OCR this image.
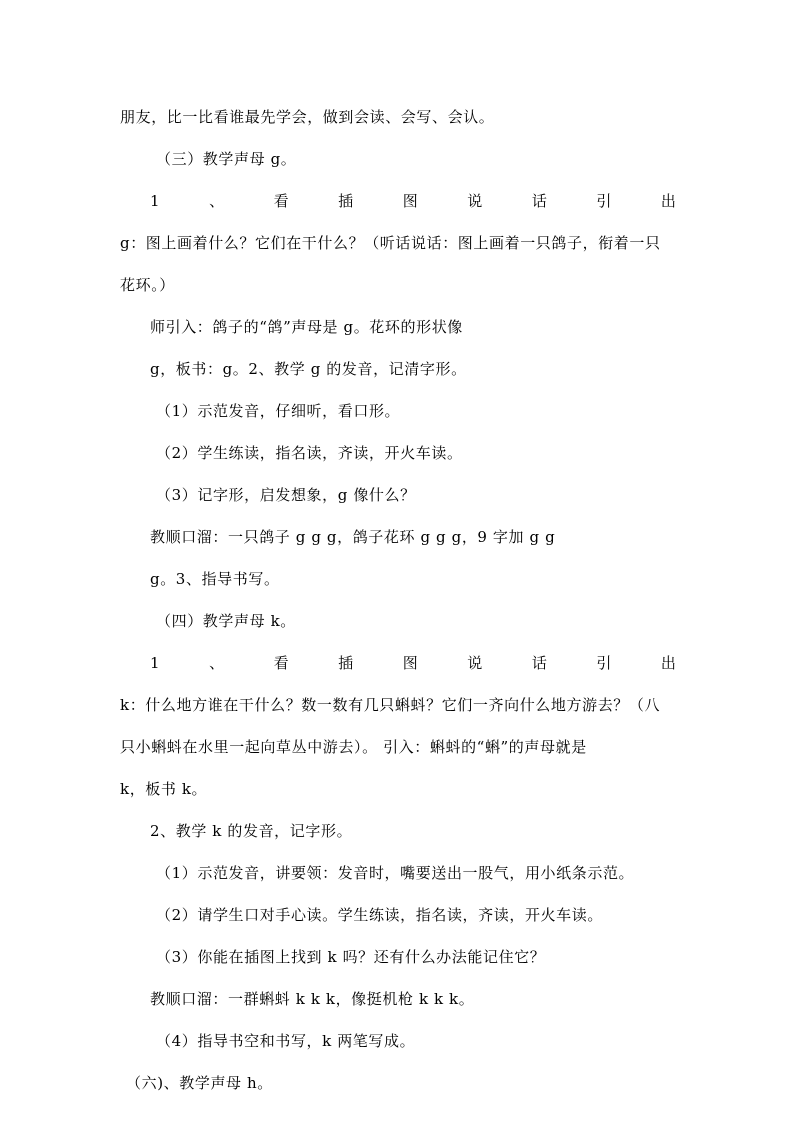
朋友，比一比看谁最先学会，做到会读、会写、会认。
（三）教学声母 g。
1	、	看	插	图	说	话	引	出
g：图上画着什么？它们在干什么？（听话说话：图上画着一只鸽子，衔着一只
花环。）
师引入：鸽子的“鸽”声母是 g。花环的形状像
g，板书：g。2、教学 g 的发音，记清字形。
（1）示范发音，仔细听，看口形。
（2）学生练读，指名读，齐读，开火车读。
（3）记字形，启发想象，g 像什么？
教顺口溜：一只鸽子 g g g，鸽子花环 g g g，9 字加 g g
g。3、指导书写。
（四）教学声母 k。
1	、	看	插	图	说	话	引	出
k：什么地方谁在干什么？数一数有几只蝌蚪？它们一齐向什么地方游去？（八
只小蝌蚪在水里一起向草丛中游去）。 引入：蝌蚪的“蝌”的声母就是
k，板书 k。
2、教学 k 的发音，记字形。
（1）示范发音，讲要领：发音时，嘴要送出一股气，用小纸条示范。
（2）请学生口对手心读。学生练读，指名读，齐读，开火车读。
（3）你能在插图上找到 k 吗？还有什么办法能记住它？
教顺口溜：一群蝌蚪 k k k，像挺机枪 k k k。
（4）指导书空和书写，k 两笔写成。
（六)、教学声母 h。
